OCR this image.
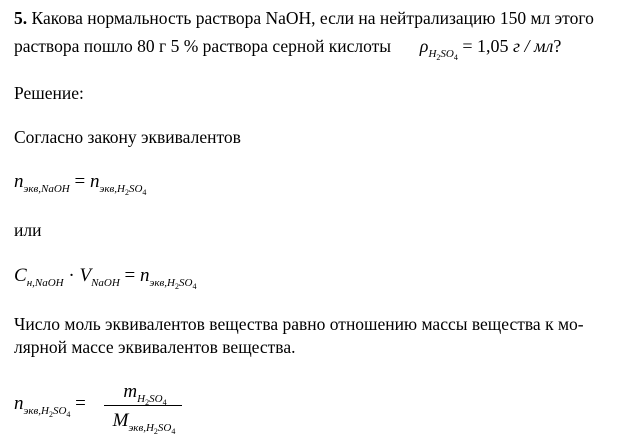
5. Какова нормальность раствора NaOH, если на нейтрализацию 150 мл этого
раствора пошло 80 г 5 % раствора серной кислоты $\rho_{H_2SO_4} = 1,05$ г / мл?
Решение:
Согласно закону эквивалентов
$n_{экв,NaOH} = n_{экв,H_2SO_4}$
или
$C_{н,NaOH} \cdot V_{NaOH} = n_{экв,H_2SO_4}$
Число моль эквивалентов вещества равно отношению массы вещества к мо-
лярной массе эквивалентов вещества.
$n_{экв,H_2SO_4}$ =
$m_{H_2SO_4}$
$M_{экв,H_2SO_4}$
